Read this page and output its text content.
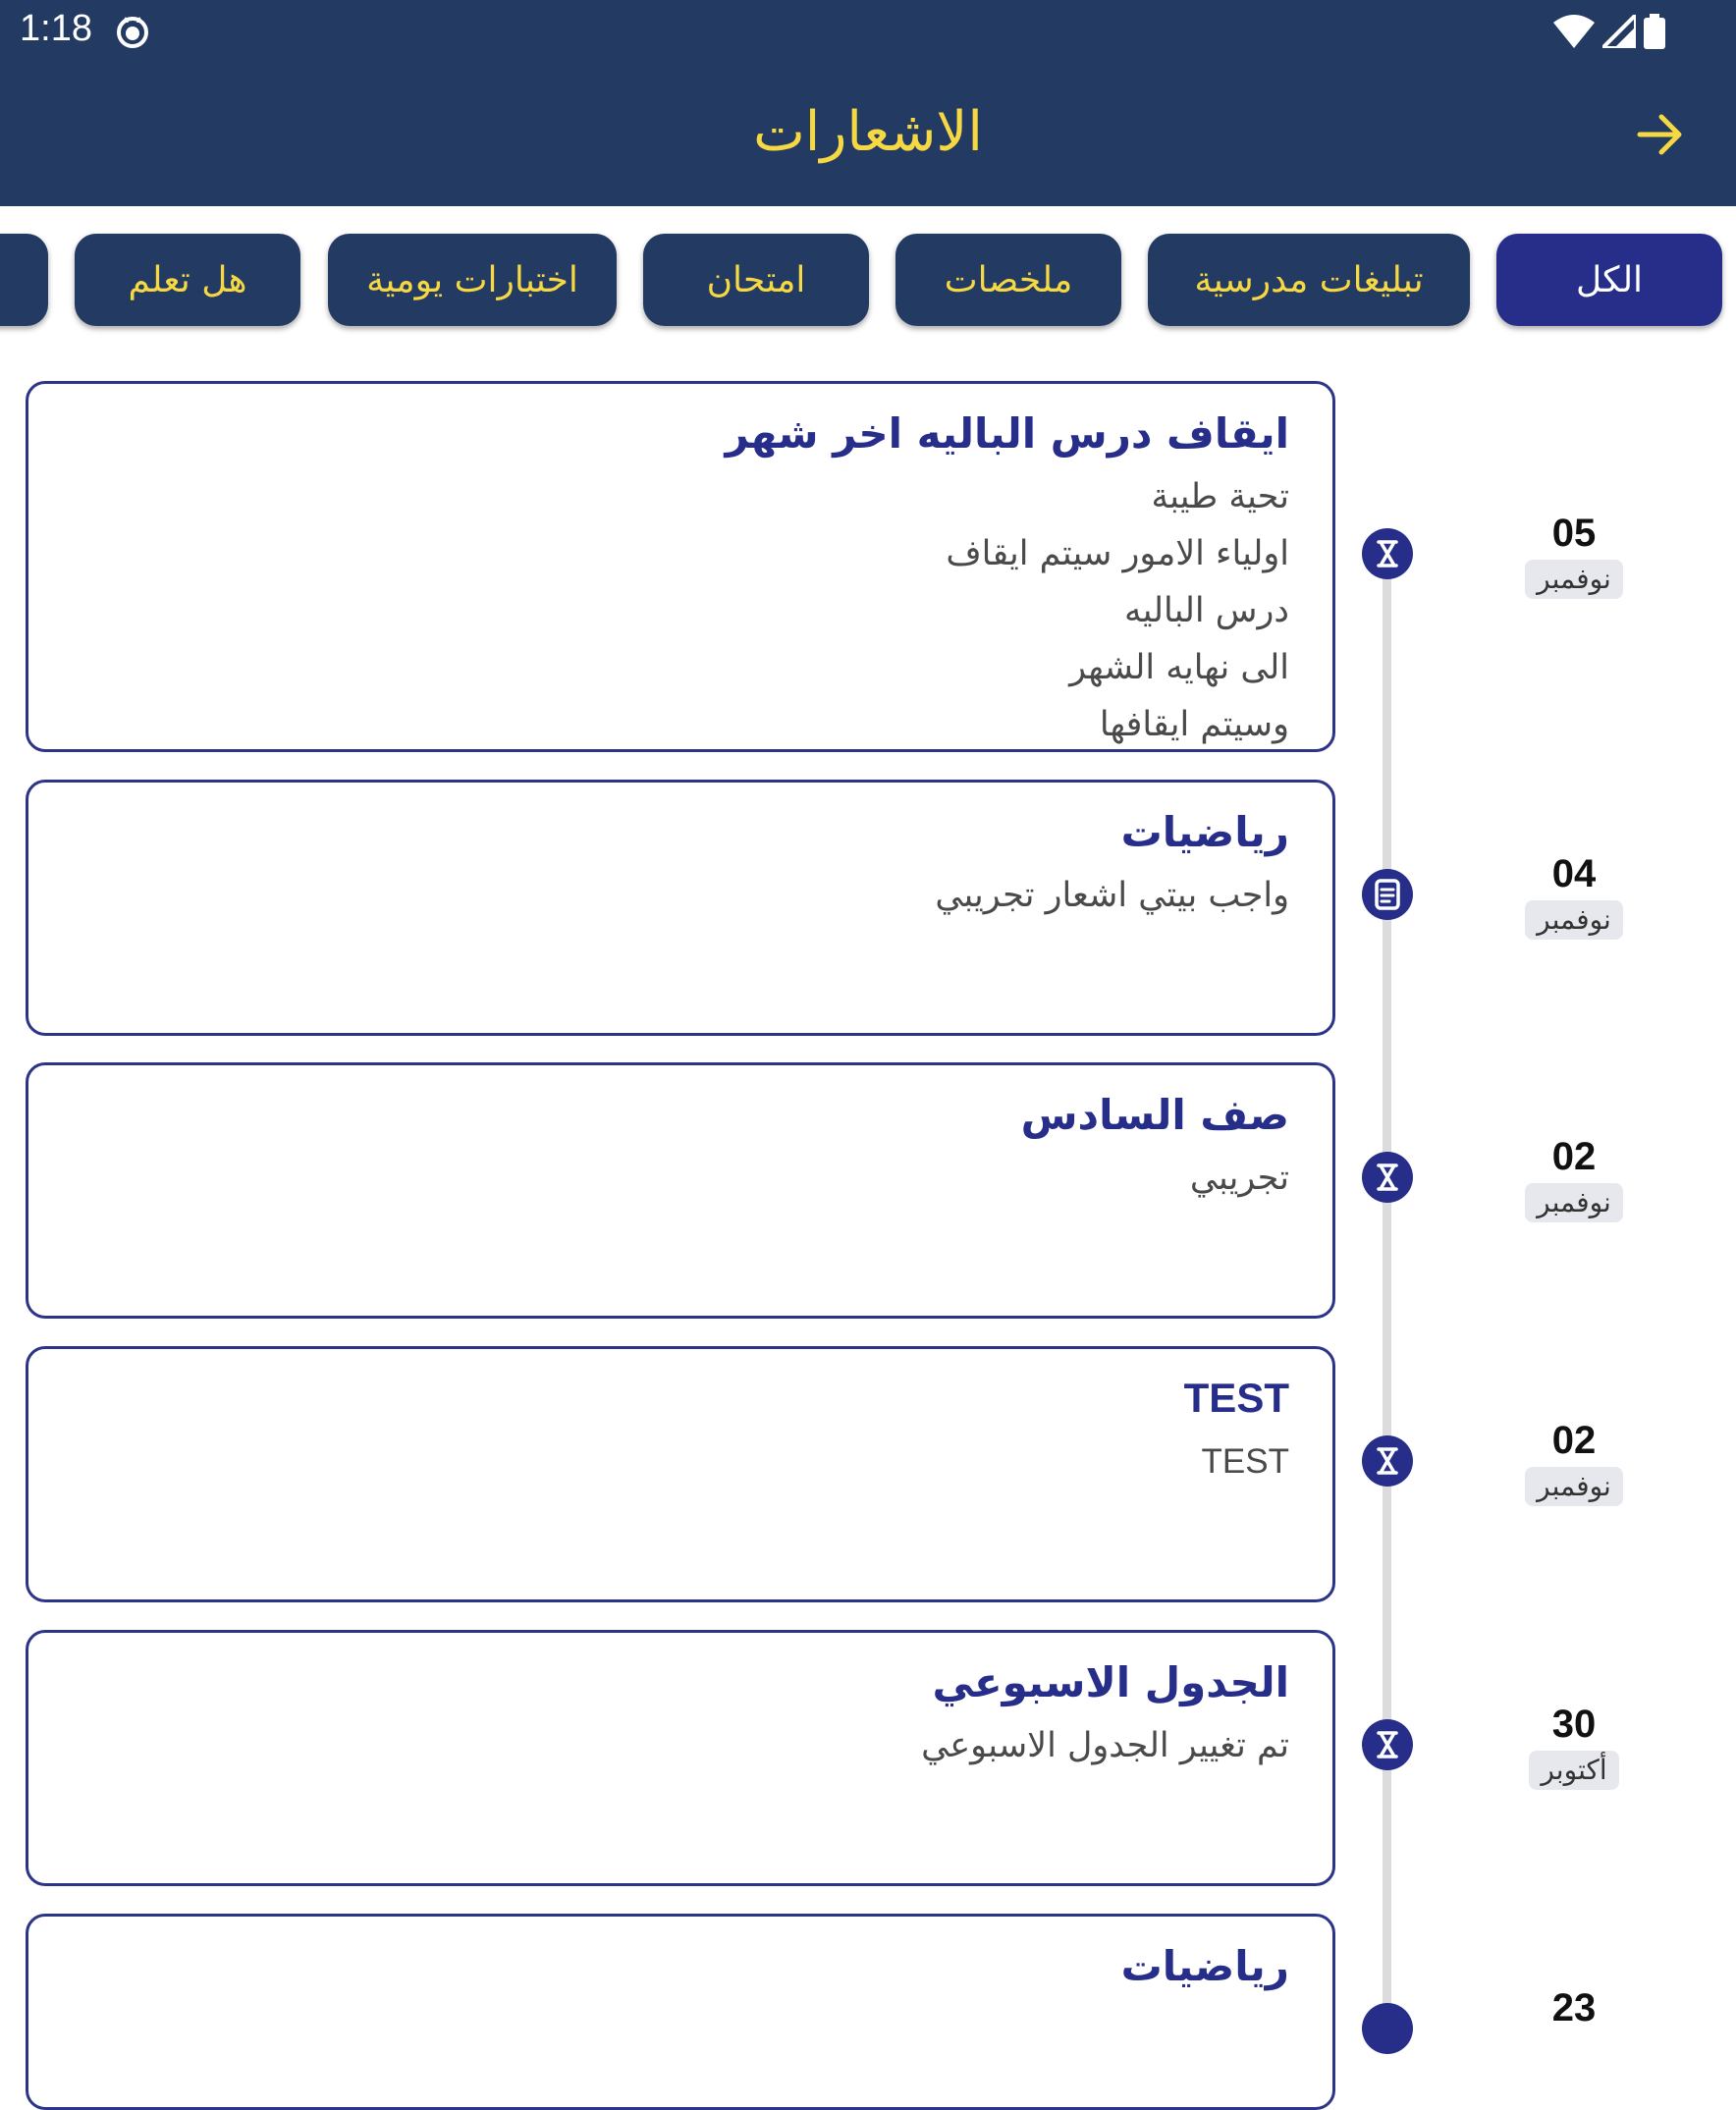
1:18
الاشعارات
الكل
تبليغات مدرسية
ملخصات
امتحان
اختبارات يومية
هل تعلم
ايقاف درس الباليه اخر شهر
تحية طيبة
اولياء الامور سيتم ايقاف
درس الباليه
الى نهايه الشهر
وسيتم ايقافها
05
نوفمبر
رياضيات
واجب بيتي اشعار تجريبي	04
نوفمبر
صف السادس
تجريبي	02
نوفمبر
TEST
TEST	02
نوفمبر
الجدول الاسبوعي
تم تغيير الجدول الاسبوعي	30
أكتوبر
رياضيات
23
